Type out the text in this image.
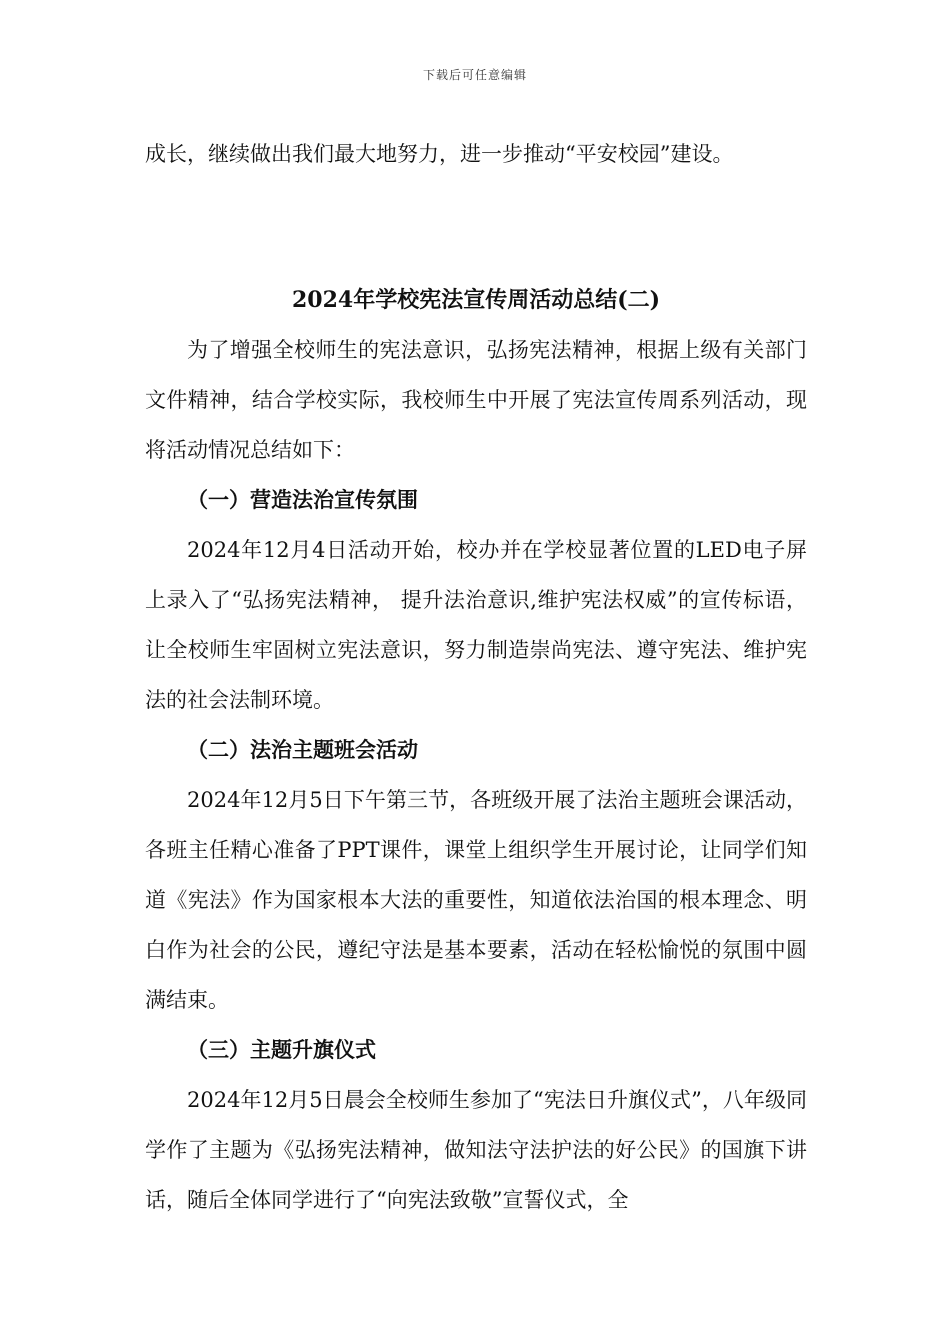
下载后可任意编辑

成长，继续做出我们最大地努力，进一步推动“平安校园”建设。

2024年学校宪法宣传周活动总结(二)

为了增强全校师生的宪法意识，弘扬宪法精神，根据上级有关部门文件精神，结合学校实际，我校师生中开展了宪法宣传周系列活动，现将活动情况总结如下：

（一）营造法治宣传氛围

2024年12月4日活动开始，校办并在学校显著位置的LED电子屏上录入了“弘扬宪法精神， 提升法治意识,维护宪法权威”的宣传标语，让全校师生牢固树立宪法意识，努力制造崇尚宪法、遵守宪法、维护宪法的社会法制环境。

（二）法治主题班会活动

2024年12月5日下午第三节，各班级开展了法治主题班会课活动，各班主任精心准备了PPT课件，课堂上组织学生开展讨论，让同学们知道《宪法》作为国家根本大法的重要性，知道依法治国的根本理念、明白作为社会的公民，遵纪守法是基本要素，活动在轻松愉悦的氛围中圆满结束。

（三）主题升旗仪式

2024年12月5日晨会全校师生参加了“宪法日升旗仪式”，八年级同学作了主题为《弘扬宪法精神，做知法守法护法的好公民》的国旗下讲话，随后全体同学进行了“向宪法致敬”宣誓仪式，全
